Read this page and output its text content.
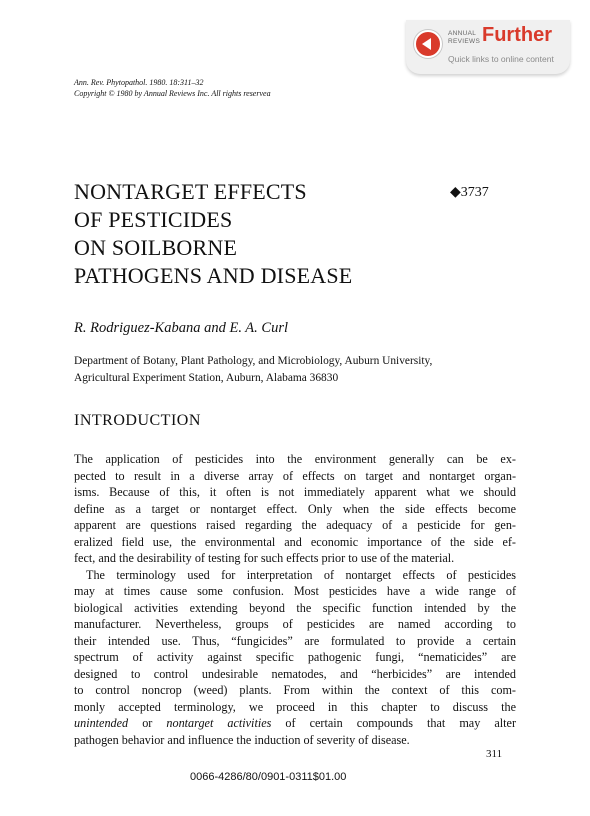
ANNUAL
REVIEWS Further
Quick links to online content
Ann. Rev. Phytopathol. 1980. 18:311–32
Copyright © 1980 by Annual Reviews Inc. All rights reservea
NONTARGET EFFECTS
OF PESTICIDES
ON SOILBORNE
PATHOGENS AND DISEASE
◆3737
R. Rodriguez-Kabana and E. A. Curl
Department of Botany, Plant Pathology, and Microbiology, Auburn University,
Agricultural Experiment Station, Auburn, Alabama 36830
INTRODUCTION
The application of pesticides into the environment generally can be ex-
pected to result in a diverse array of effects on target and nontarget organ-
isms. Because of this, it often is not immediately apparent what we should
define as a target or nontarget effect. Only when the side effects become
apparent are questions raised regarding the adequacy of a pesticide for gen-
eralized field use, the environmental and economic importance of the side ef-
fect, and the desirability of testing for such effects prior to use of the material.
The terminology used for interpretation of nontarget effects of pesticides
may at times cause some confusion. Most pesticides have a wide range of
biological activities extending beyond the specific function intended by the
manufacturer. Nevertheless, groups of pesticides are named according to
their intended use. Thus, “fungicides” are formulated to provide a certain
spectrum of activity against specific pathogenic fungi, “nematicides” are
designed to control undesirable nematodes, and “herbicides” are intended
to control noncrop (weed) plants. From within the context of this com-
monly accepted terminology, we proceed in this chapter to discuss the
unintended or nontarget activities of certain compounds that may alter
pathogen behavior and influence the induction of severity of disease.
311
0066-4286/80/0901-0311$01.00
